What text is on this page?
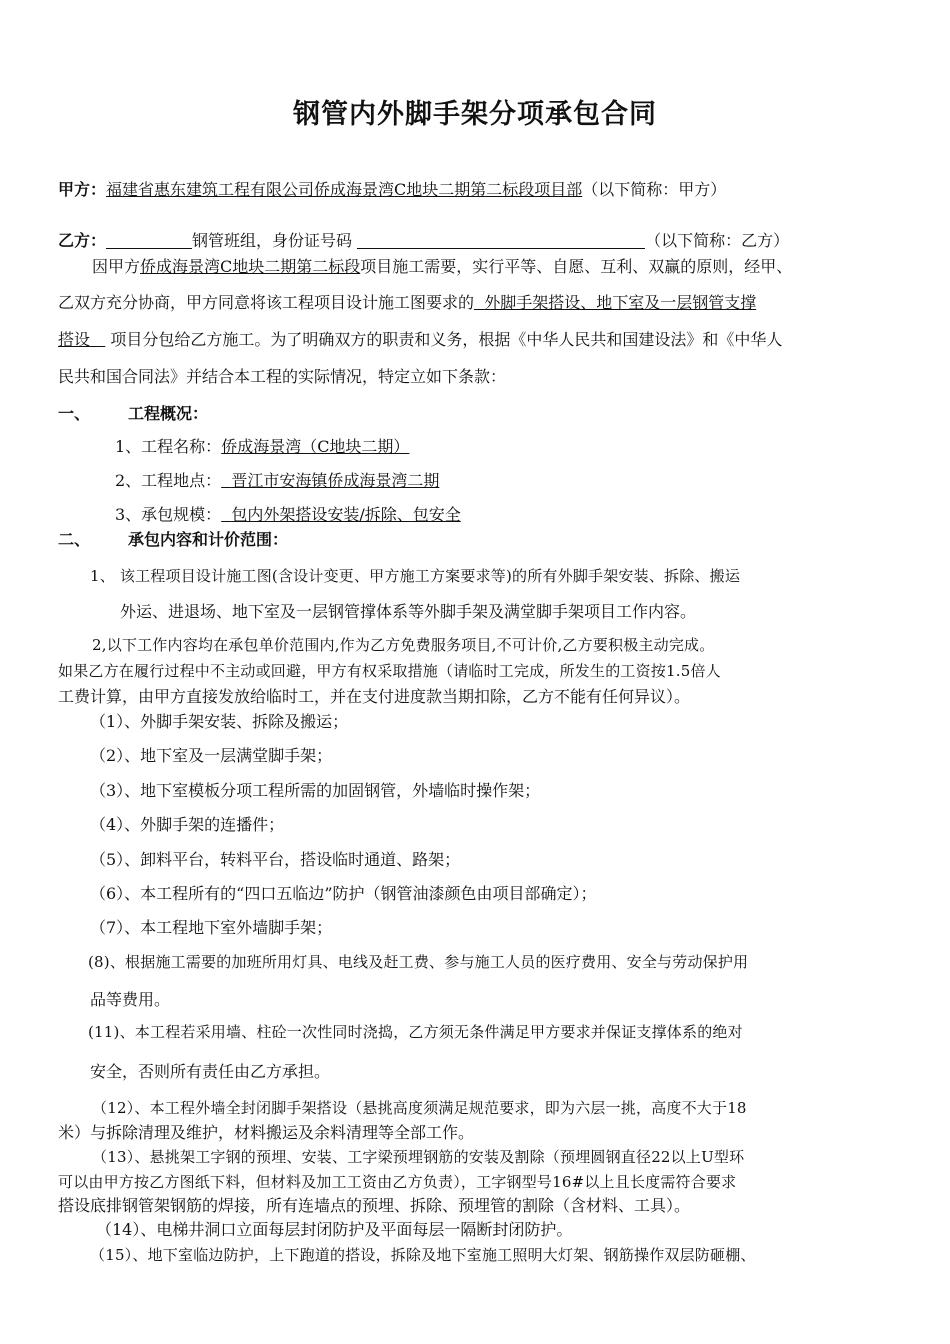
钢管内外脚手架分项承包合同
甲方：福建省惠东建筑工程有限公司侨成海景湾C地块二期第二标段项目部（以下简称：甲方）
乙方：	钢管班组，身份证号码	（以下简称：乙方）
因甲方侨成海景湾C地块二期第二标段项目施工需要，实行平等、自愿、互利、双赢的原则，经甲、
乙双方充分协商，甲方同意将该工程项目设计施工图要求的 外脚手架搭设、地下室及一层钢管支撑
搭设 项目分包给乙方施工。为了明确双方的职责和义务，根据《中华人民共和国建设法》和《中华人
民共和国合同法》并结合本工程的实际情况，特定立如下条款：
一、 工程概况：
1、工程名称：侨成海景湾（C地块二期）
2、工程地点： 晋江市安海镇侨成海景湾二期
3、承包规模： 包内外架搭设安装/拆除、包安全
二、 承包内容和计价范围：
1、 该工程项目设计施工图(含设计变更、甲方施工方案要求等)的所有外脚手架安装、拆除、搬运
外运、进退场、地下室及一层钢管撑体系等外脚手架及满堂脚手架项目工作内容。
2,以下工作内容均在承包单价范围内,作为乙方免费服务项目,不可计价,乙方要积极主动完成。
如果乙方在履行过程中不主动或回避，甲方有权采取措施（请临时工完成，所发生的工资按1.5倍人
工费计算，由甲方直接发放给临时工，并在支付进度款当期扣除，乙方不能有任何异议）。
（1）、外脚手架安装、拆除及搬运；
（2）、地下室及一层满堂脚手架；
（3）、地下室模板分项工程所需的加固钢管，外墙临时操作架；
（4）、外脚手架的连播件；
（5）、卸料平台，转料平台，搭设临时通道、路架；
（6）、本工程所有的“四口五临边”防护（钢管油漆颜色由项目部确定）；
（7）、本工程地下室外墙脚手架；
(8)、根据施工需要的加班所用灯具、电线及赶工费、参与施工人员的医疗费用、安全与劳动保护用
品等费用。
(11)、本工程若采用墙、柱砼一次性同时浇捣，乙方须无条件满足甲方要求并保证支撑体系的绝对
安全，否则所有责任由乙方承担。
（12）、本工程外墙全封闭脚手架搭设（悬挑高度须满足规范要求，即为六层一挑，高度不大于18
米）与拆除清理及维护，材料搬运及余料清理等全部工作。
（13）、悬挑架工字钢的预埋、安装、工字梁预埋钢筋的安装及割除（预埋圆钢直径22以上U型环
可以由甲方按乙方图纸下料，但材料及加工工资由乙方负责），工字钢型号16#以上且长度需符合要求
搭设底排钢管架钢筋的焊接，所有连墙点的预埋、拆除、预埋管的割除（含材料、工具）。
（14）、电梯井洞口立面每层封闭防护及平面每层一隔断封闭防护。
（15）、地下室临边防护，上下跑道的搭设，拆除及地下室施工照明大灯架、钢筋操作双层防砸棚、
